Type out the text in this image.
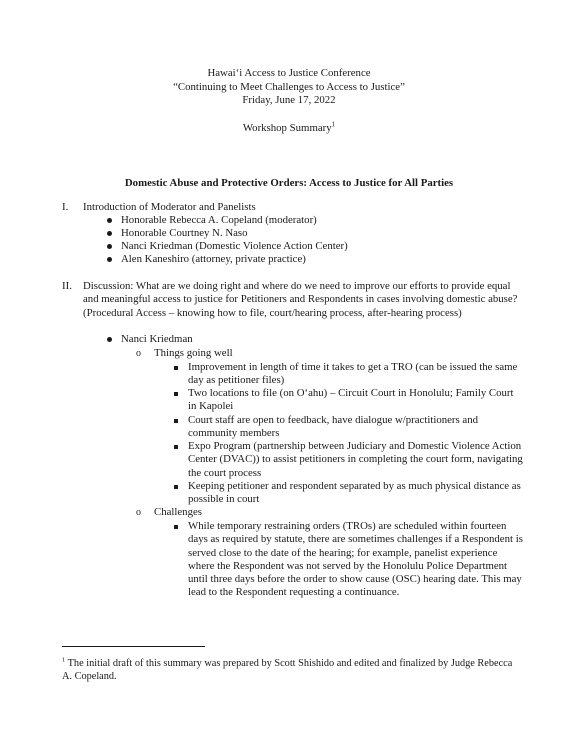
Hawaiʻi Access to Justice Conference
“Continuing to Meet Challenges to Access to Justice”
Friday, June 17, 2022
Workshop Summary$^1$
Domestic Abuse and Protective Orders: Access to Justice for All Parties
I. Introduction of Moderator and Panelists
Honorable Rebecca A. Copeland (moderator)
Honorable Courtney N. Naso
Nanci Kriedman (Domestic Violence Action Center)
Alen Kaneshiro (attorney, private practice)
II. Discussion: What are we doing right and where do we need to improve our efforts to provide equal and meaningful access to justice for Petitioners and Respondents in cases involving domestic abuse? (Procedural Access – knowing how to file, court/hearing process, after-hearing process)
Nanci Kriedman
o	Things going well
Improvement in length of time it takes to get a TRO (can be issued the same day as petitioner files)
Two locations to file (on Oʻahu) – Circuit Court in Honolulu; Family Court in Kapolei
Court staff are open to feedback, have dialogue w/practitioners and community members
Expo Program (partnership between Judiciary and Domestic Violence Action Center (DVAC)) to assist petitioners in completing the court form, navigating the court process
Keeping petitioner and respondent separated by as much physical distance as possible in court
o	Challenges
While temporary restraining orders (TROs) are scheduled within fourteen days as required by statute, there are sometimes challenges if a Respondent is served close to the date of the hearing; for example, panelist experience where the Respondent was not served by the Honolulu Police Department until three days before the order to show cause (OSC) hearing date. This may lead to the Respondent requesting a continuance.
$^1$ The initial draft of this summary was prepared by Scott Shishido and edited and finalized by Judge Rebecca A. Copeland.
